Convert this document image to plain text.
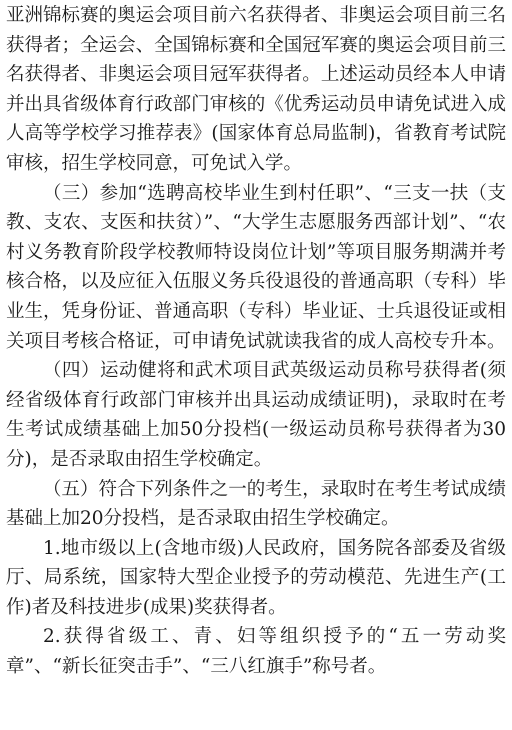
亚洲锦标赛的奥运会项目前六名获得者、非奥运会项目前三名获得者；全运会、全国锦标赛和全国冠军赛的奥运会项目前三名获得者、非奥运会项目冠军获得者。上述运动员经本人申请并出具省级体育行政部门审核的《优秀运动员申请免试进入成人高等学校学习推荐表》(国家体育总局监制)，省教育考试院审核，招生学校同意，可免试入学。

（三）参加“选聘高校毕业生到村任职”、“三支一扶（支教、支农、支医和扶贫）”、“大学生志愿服务西部计划”、“农村义务教育阶段学校教师特设岗位计划”等项目服务期满并考核合格，以及应征入伍服义务兵役退役的普通高职（专科）毕业生，凭身份证、普通高职（专科）毕业证、士兵退役证或相关项目考核合格证，可申请免试就读我省的成人高校专升本。

（四）运动健将和武术项目武英级运动员称号获得者(须经省级体育行政部门审核并出具运动成绩证明)，录取时在考生考试成绩基础上加50分投档(一级运动员称号获得者为30分)，是否录取由招生学校确定。

（五）符合下列条件之一的考生，录取时在考生考试成绩基础上加20分投档，是否录取由招生学校确定。

1.地市级以上(含地市级)人民政府，国务院各部委及省级厅、局系统，国家特大型企业授予的劳动模范、先进生产(工作)者及科技进步(成果)奖获得者。

2.获得省级工、青、妇等组织授予的“五一劳动奖章”、“新长征突击手”、“三八红旗手”称号者。
